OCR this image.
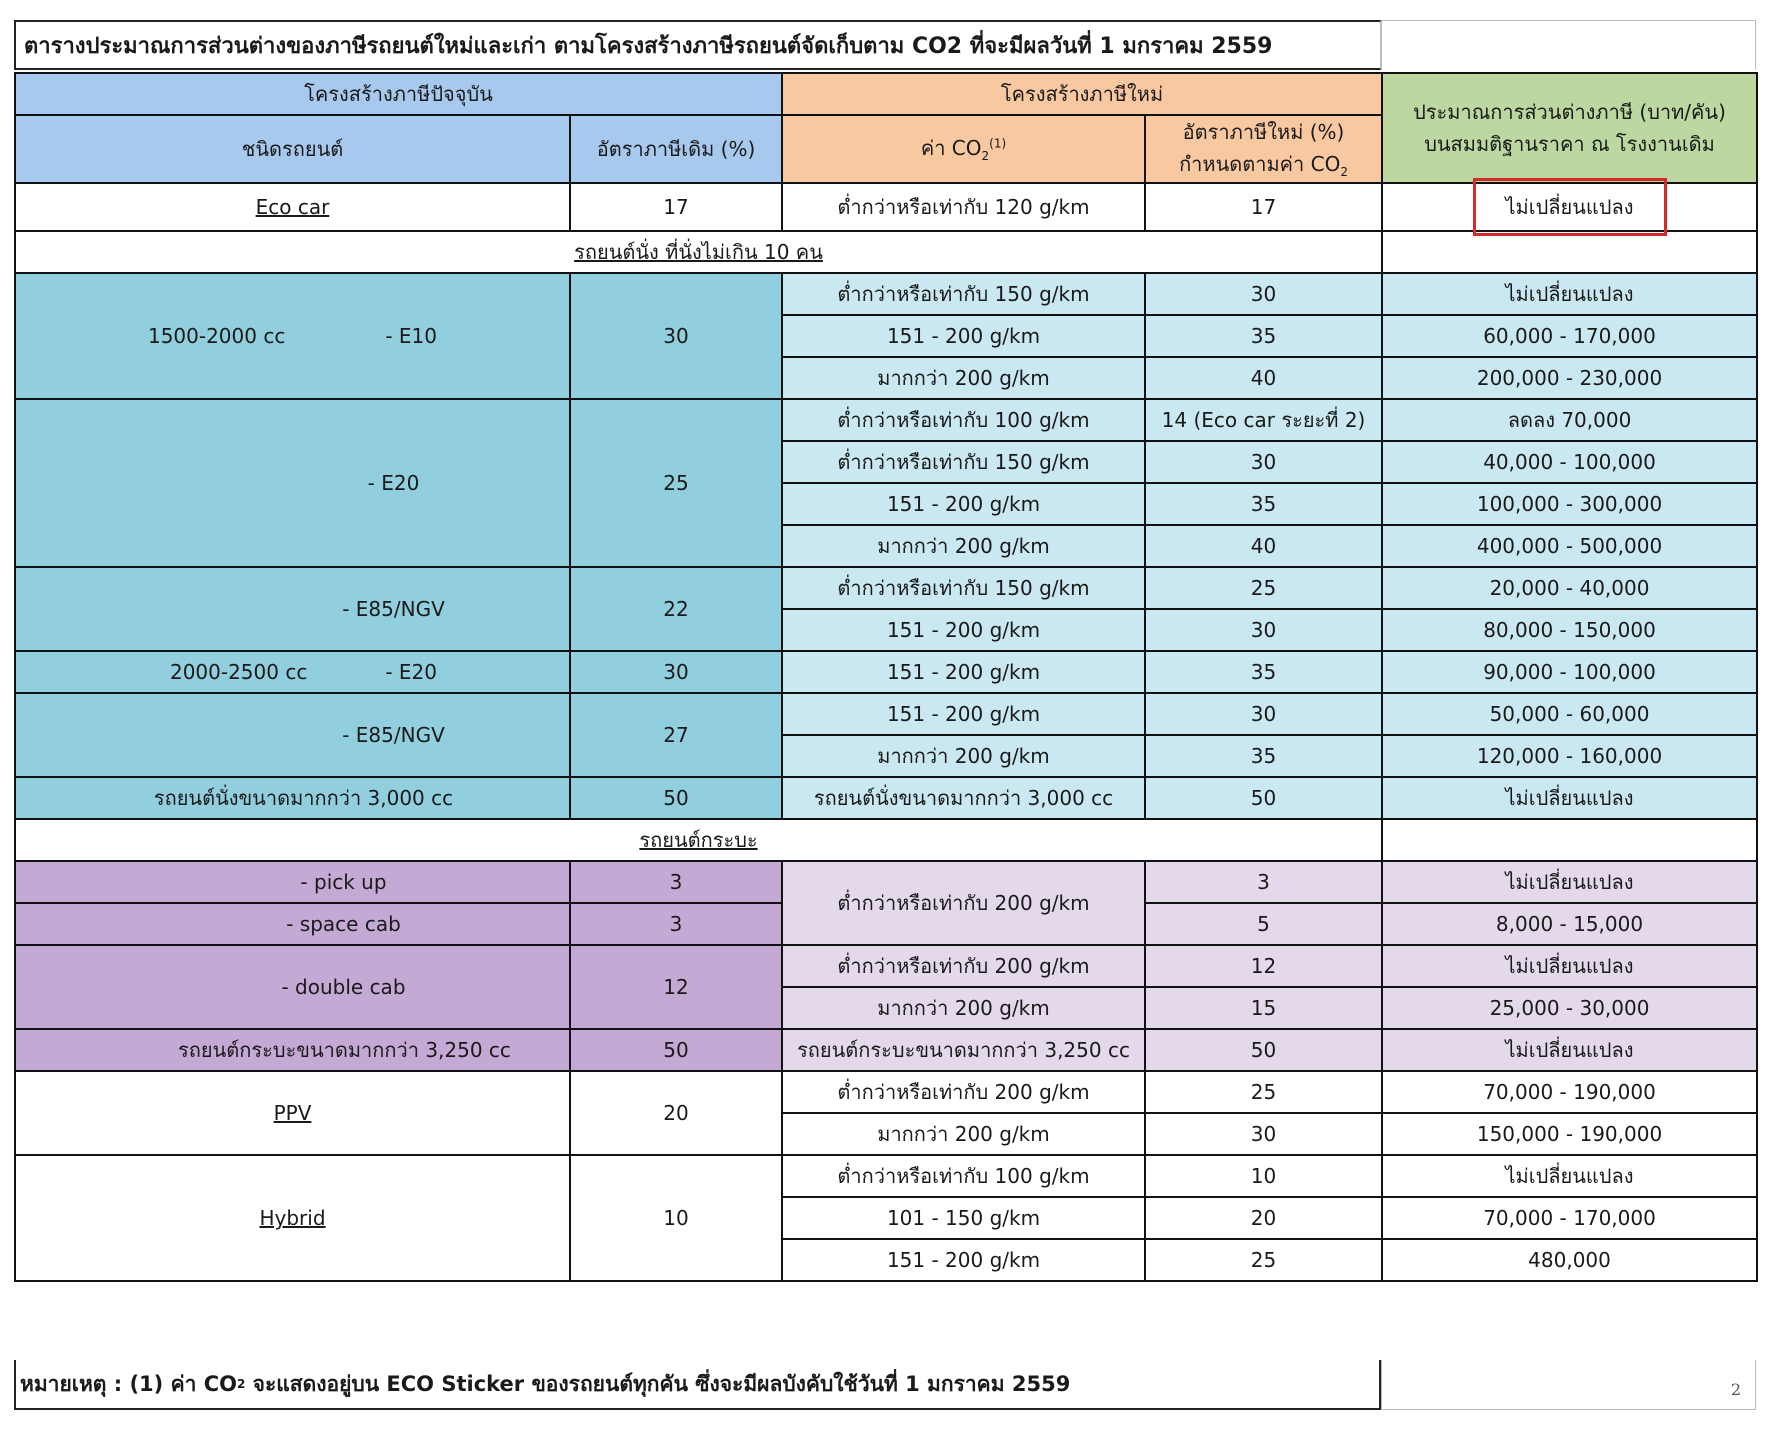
ตารางประมาณการส่วนต่างของภาษีรถยนต์ใหม่และเก่า ตามโครงสร้างภาษีรถยนต์จัดเก็บตาม CO2 ที่จะมีผลวันที่ 1 มกราคม 2559
โครงสร้างภาษีปัจจุบัน		โครงสร้างภาษีใหม่		ประมาณการส่วนต่างภาษี (บาท/คัน)
บนสมมติฐานราคา ณ โรงงานเดิม

ชนิดรถยนต์	อัตราภาษีเดิม (%)	ค่า $CO_2^{(1)}$	อัตราภาษีใหม่ (%)
กำหนดตามค่า $CO_2$

Eco car	17	ต่ำกว่าหรือเท่ากับ 120 g/km	17	ไม่เปลี่ยนแปลง
รถยนต์นั่ง ที่นั่งไม่เกิน 10 คน				
1500-2000 cc - E10	30	ต่ำกว่าหรือเท่ากับ 150 g/km	30	ไม่เปลี่ยนแปลง
		151 - 200 g/km	35	60,000 - 170,000
		มากกว่า 200 g/km	40	200,000 - 230,000
- E20	25	ต่ำกว่าหรือเท่ากับ 100 g/km	14 (Eco car ระยะที่ 2)	ลดลง 70,000
		ต่ำกว่าหรือเท่ากับ 150 g/km	30	40,000 - 100,000
		151 - 200 g/km	35	100,000 - 300,000
		มากกว่า 200 g/km	40	400,000 - 500,000
- E85/NGV	22	ต่ำกว่าหรือเท่ากับ 150 g/km	25	20,000 - 40,000
		151 - 200 g/km	30	80,000 - 150,000
2000-2500 cc - E20	30	151 - 200 g/km	35	90,000 - 100,000
- E85/NGV	27	151 - 200 g/km	30	50,000 - 60,000
		มากกว่า 200 g/km	35	120,000 - 160,000
รถยนต์นั่งขนาดมากกว่า 3,000 cc	50	รถยนต์นั่งขนาดมากกว่า 3,000 cc	50	ไม่เปลี่ยนแปลง
รถยนต์กระบะ				
- pick up	3	ต่ำกว่าหรือเท่ากับ 200 g/km	3	ไม่เปลี่ยนแปลง
- space cab	3		5	8,000 - 15,000
- double cab	12	ต่ำกว่าหรือเท่ากับ 200 g/km	12	ไม่เปลี่ยนแปลง
		มากกว่า 200 g/km	15	25,000 - 30,000
รถยนต์กระบะขนาดมากกว่า 3,250 cc	50	รถยนต์กระบะขนาดมากกว่า 3,250 cc	50	ไม่เปลี่ยนแปลง
PPV	20	ต่ำกว่าหรือเท่ากับ 200 g/km	25	70,000 - 190,000
		มากกว่า 200 g/km	30	150,000 - 190,000
Hybrid	10	ต่ำกว่าหรือเท่ากับ 100 g/km	10	ไม่เปลี่ยนแปลง
		101 - 150 g/km	20	70,000 - 170,000
		151 - 200 g/km	25	480,000
หมายเหตุ : (1) ค่า CO 2 จะแสดงอยู่บน ECO Sticker ของรถยนต์ทุกคัน ซึ่งจะมีผลบังคับใช้วันที่ 1 มกราคม 2559	2
